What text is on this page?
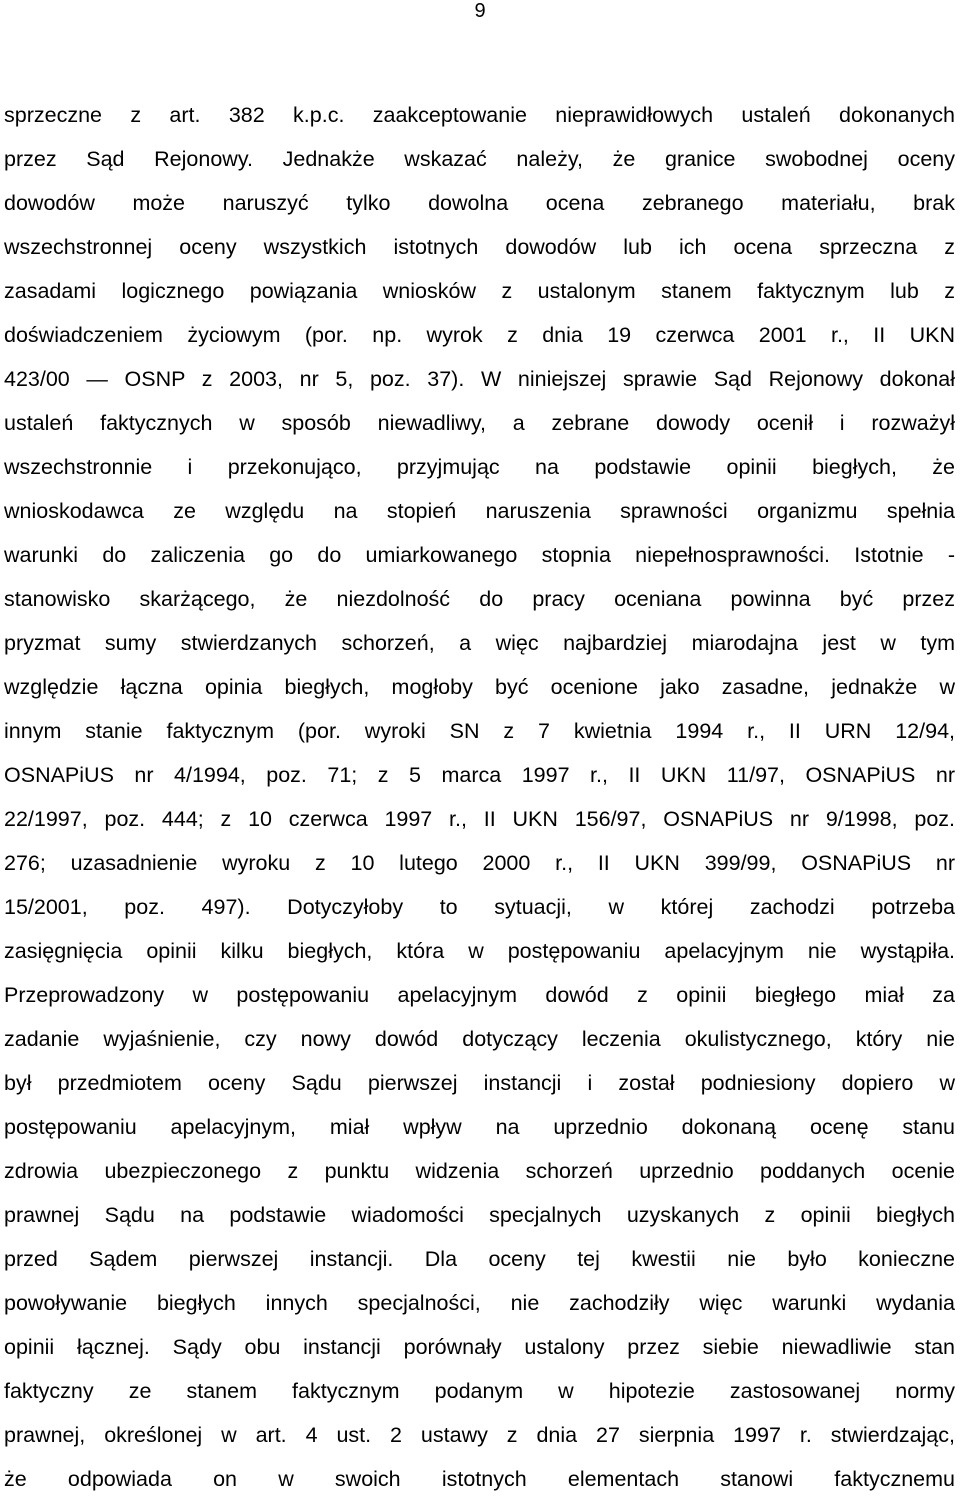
9
sprzeczne z art. 382 k.p.c. zaakceptowanie nieprawidłowych ustaleń dokonanych
przez Sąd Rejonowy. Jednakże wskazać należy, że granice swobodnej oceny
dowodów może naruszyć tylko dowolna ocena zebranego materiału, brak
wszechstronnej oceny wszystkich istotnych dowodów lub ich ocena sprzeczna z
zasadami logicznego powiązania wniosków z ustalonym stanem faktycznym lub z
doświadczeniem życiowym (por. np. wyrok z dnia 19 czerwca 2001 r., II UKN
423/00 — OSNP z 2003, nr 5, poz. 37). W niniejszej sprawie Sąd Rejonowy dokonał
ustaleń faktycznych w sposób niewadliwy, a zebrane dowody ocenił i rozważył
wszechstronnie i przekonująco, przyjmując na podstawie opinii biegłych, że
wnioskodawca ze względu na stopień naruszenia sprawności organizmu spełnia
warunki do zaliczenia go do umiarkowanego stopnia niepełnosprawności. Istotnie -
stanowisko skarżącego, że niezdolność do pracy oceniana powinna być przez
pryzmat sumy stwierdzanych schorzeń, a więc najbardziej miarodajna jest w tym
względzie łączna opinia biegłych, mogłoby być ocenione jako zasadne, jednakże w
innym stanie faktycznym (por. wyroki SN z 7 kwietnia 1994 r., II URN 12/94,
OSNAPiUS nr 4/1994, poz. 71; z 5 marca 1997 r., II UKN 11/97, OSNAPiUS nr
22/1997, poz. 444; z 10 czerwca 1997 r., II UKN 156/97, OSNAPiUS nr 9/1998, poz.
276; uzasadnienie wyroku z 10 lutego 2000 r., II UKN 399/99, OSNAPiUS nr
15/2001, poz. 497). Dotyczyłoby to sytuacji, w której zachodzi potrzeba
zasięgnięcia opinii kilku biegłych, która w postępowaniu apelacyjnym nie wystąpiła.
Przeprowadzony w postępowaniu apelacyjnym dowód z opinii biegłego miał za
zadanie wyjaśnienie, czy nowy dowód dotyczący leczenia okulistycznego, który nie
był przedmiotem oceny Sądu pierwszej instancji i został podniesiony dopiero w
postępowaniu apelacyjnym, miał wpływ na uprzednio dokonaną ocenę stanu
zdrowia ubezpieczonego z punktu widzenia schorzeń uprzednio poddanych ocenie
prawnej Sądu na podstawie wiadomości specjalnych uzyskanych z opinii biegłych
przed Sądem pierwszej instancji. Dla oceny tej kwestii nie było konieczne
powoływanie biegłych innych specjalności, nie zachodziły więc warunki wydania
opinii łącznej. Sądy obu instancji porównały ustalony przez siebie niewadliwie stan
faktyczny ze stanem faktycznym podanym w hipotezie zastosowanej normy
prawnej, określonej w art. 4 ust. 2 ustawy z dnia 27 sierpnia 1997 r. stwierdzając,
że odpowiada on w swoich istotnych elementach stanowi faktycznemu
